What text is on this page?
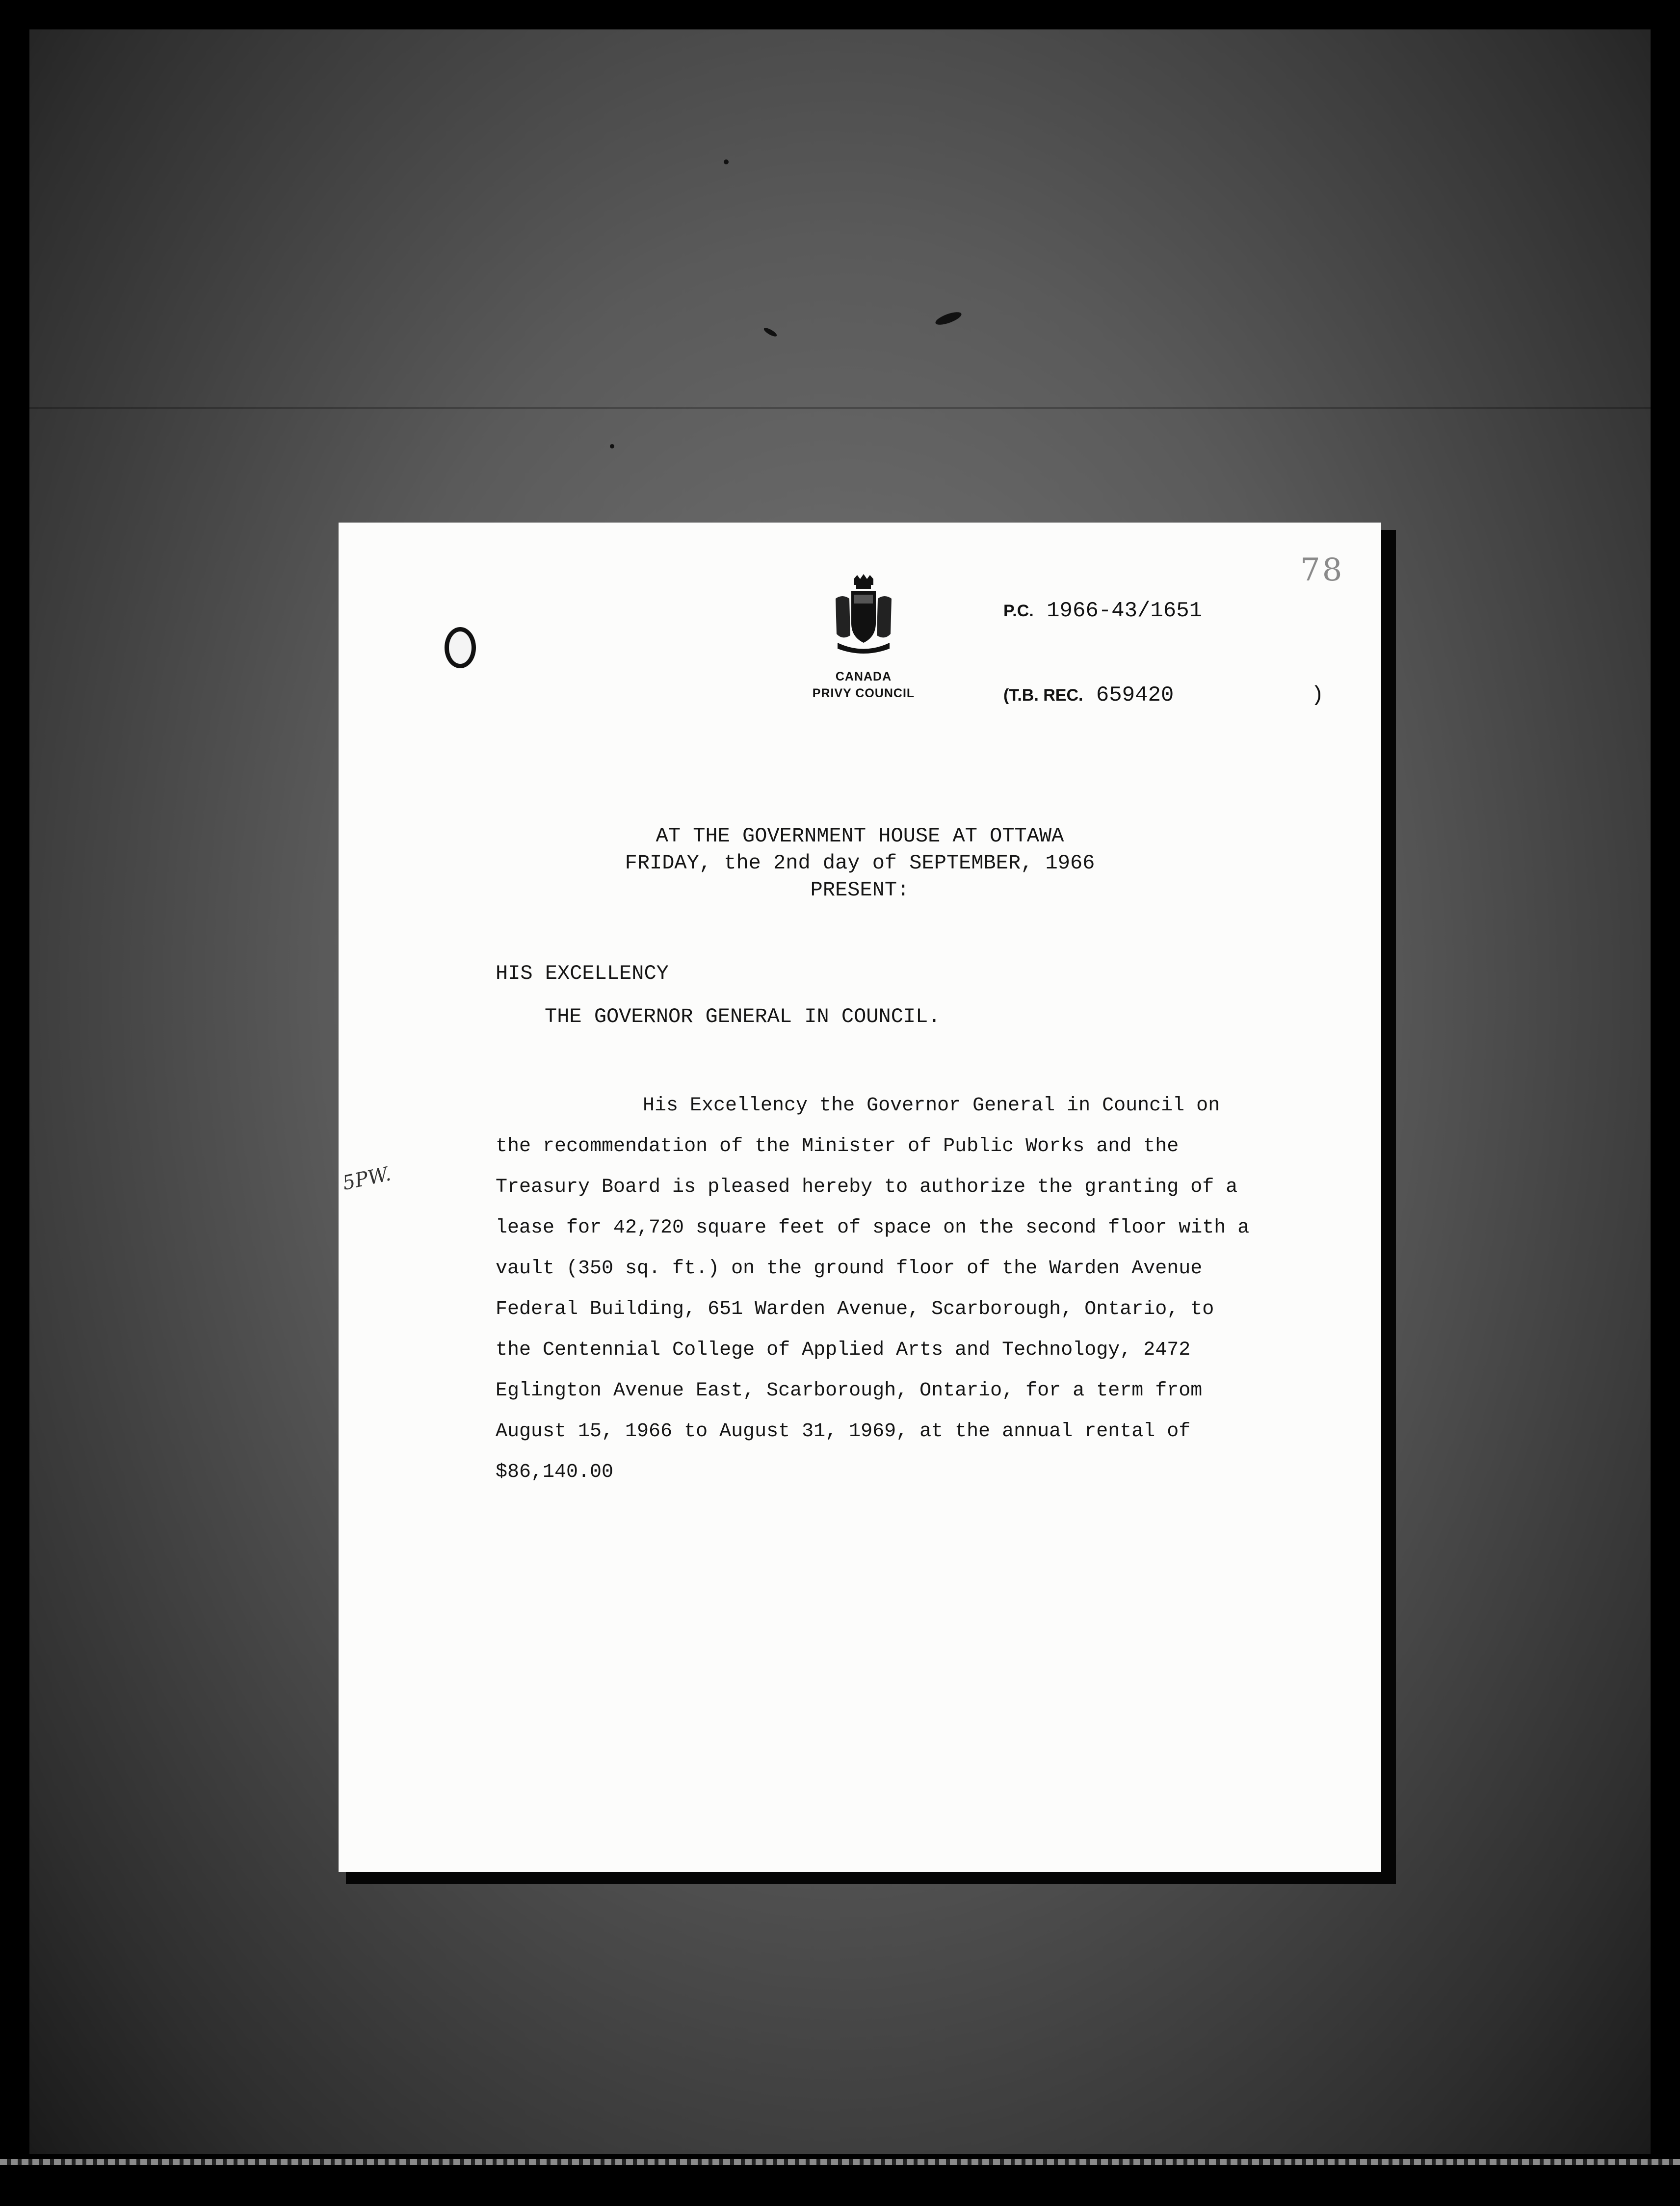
78
5PW.
CANADA
PRIVY COUNCIL
P.C. 1966-43/1651
(T.B. REC. 659420	)
AT THE GOVERNMENT HOUSE AT OTTAWA
FRIDAY, the 2nd day of SEPTEMBER, 1966
PRESENT:
HIS EXCELLENCY
THE GOVERNOR GENERAL IN COUNCIL.

His Excellency the Governor General in Council on

the recommendation of the Minister of Public Works and the

Treasury Board is pleased hereby to authorize the granting of a

lease for 42,720 square feet of space on the second floor with a

vault (350 sq. ft.) on the ground floor of the Warden Avenue

Federal Building, 651 Warden Avenue, Scarborough, Ontario, to

the Centennial College of Applied Arts and Technology, 2472

Eglington Avenue East, Scarborough, Ontario, for a term from

August 15, 1966 to August 31, 1969, at the annual rental of

$86,140.00
